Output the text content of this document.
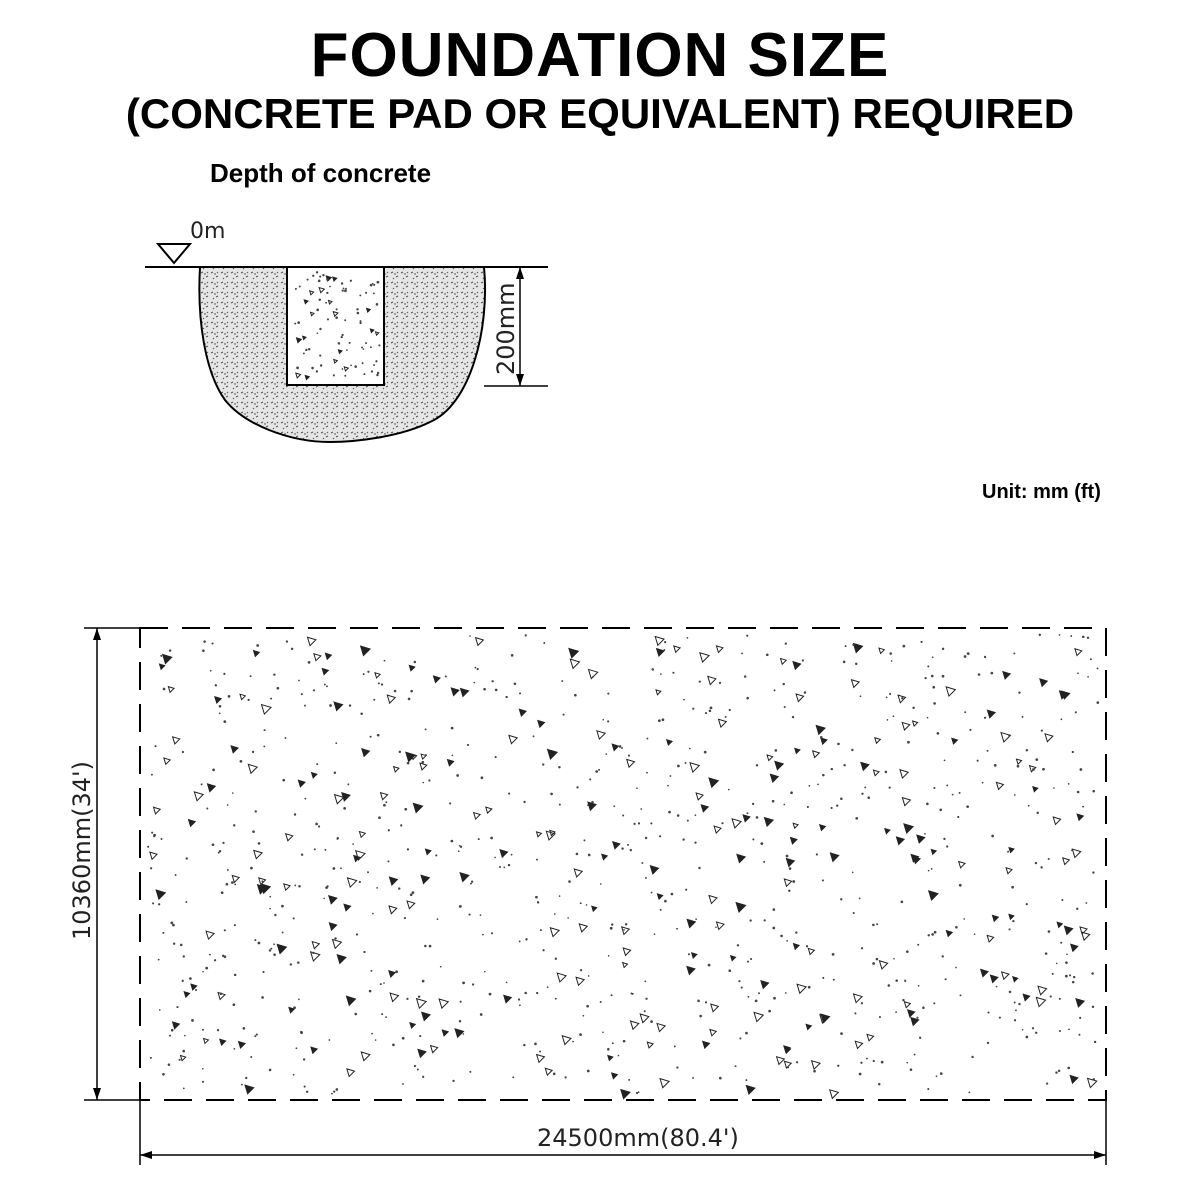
FOUNDATION SIZE
(CONCRETE PAD OR EQUIVALENT) REQUIRED
Depth of concrete
Unit: mm (ft)
0m
200mm
10360mm(34')
24500mm(80.4')
